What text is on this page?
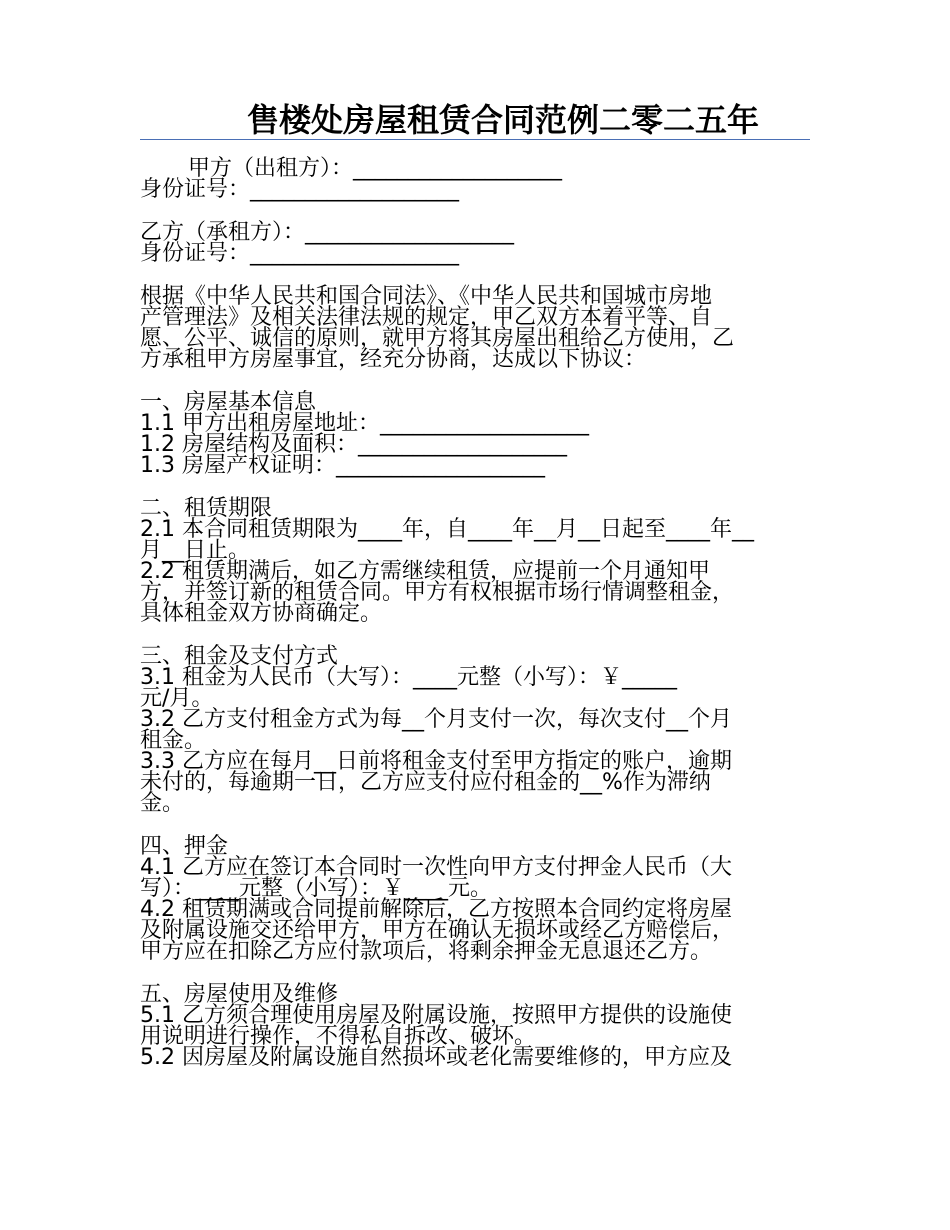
售楼处房屋租赁合同范例二零二五年
甲方（出租方）：___________________
身份证号：___________________
乙方（承租方）：___________________
身份证号：___________________
根据《中华人民共和国合同法》、《中华人民共和国城市房地
产管理法》及相关法律法规的规定，甲乙双方本着平等、自
愿、公平、诚信的原则，就甲方将其房屋出租给乙方使用，乙
方承租甲方房屋事宜，经充分协商，达成以下协议：
一、房屋基本信息
1.1 甲方出租房屋地址：___________________
1.2 房屋结构及面积：___________________
1.3 房屋产权证明：___________________
二、租赁期限
2.1 本合同租赁期限为____年，自____年__月__日起至____年__
月__日止。
2.2 租赁期满后，如乙方需继续租赁，应提前一个月通知甲
方，并签订新的租赁合同。甲方有权根据市场行情调整租金，
具体租金双方协商确定。
三、租金及支付方式
3.1 租金为人民币（大写）：____元整（小写）：￥_____
元/月。
3.2 乙方支付租金方式为每__个月支付一次，每次支付__个月
租金。
3.3 乙方应在每月__日前将租金支付至甲方指定的账户，逾期
未付的，每逾期一日，乙方应支付应付租金的__%作为滞纳
金。
四、押金
4.1 乙方应在签订本合同时一次性向甲方支付押金人民币（大
写）：____元整（小写）：￥____元。
4.2 租赁期满或合同提前解除后，乙方按照本合同约定将房屋
及附属设施交还给甲方，甲方在确认无损坏或经乙方赔偿后，
甲方应在扣除乙方应付款项后，将剩余押金无息退还乙方。
五、房屋使用及维修
5.1 乙方须合理使用房屋及附属设施，按照甲方提供的设施使
用说明进行操作，不得私自拆改、破坏。
5.2 因房屋及附属设施自然损坏或老化需要维修的，甲方应及
